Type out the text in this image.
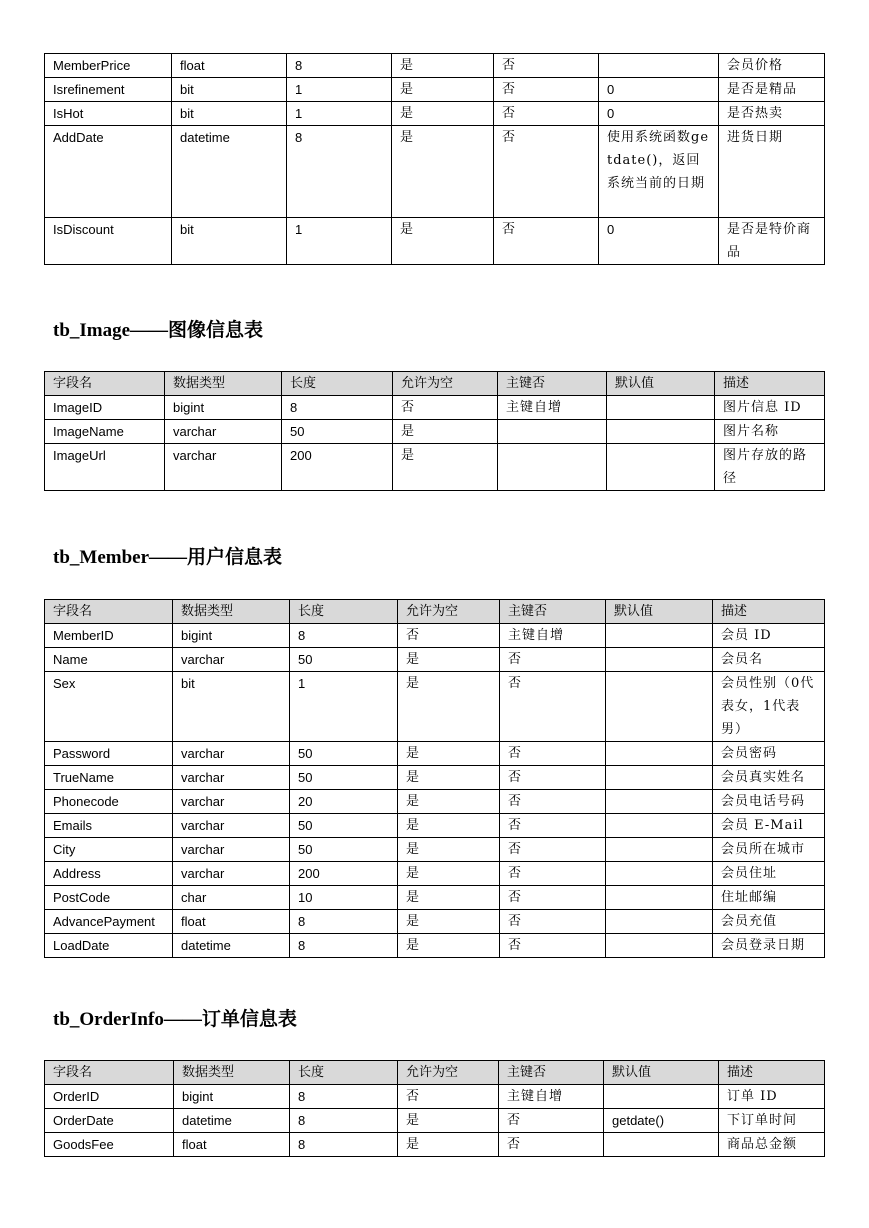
MemberPrice	float	8	是	否		会员价格
Isrefinement	bit	1	是	否	0	是否是精品
IsHot	bit	1	是	否	0	是否热卖
AddDate	datetime	8	是	否	使用系统函数getdate()，返回系统当前的日期	进货日期
IsDiscount	bit	1	是	否	0	是否是特价商品
tb_Image——图像信息表
字段名	数据类型	长度	允许为空	主键否	默认值	描述
ImageID	bigint	8	否	主键自增		图片信息 ID
ImageName	varchar	50	是			图片名称
ImageUrl	varchar	200	是			图片存放的路径
tb_Member——用户信息表
字段名	数据类型	长度	允许为空	主键否	默认值	描述
MemberID	bigint	8	否	主键自增		会员 ID
Name	varchar	50	是	否		会员名
Sex	bit	1	是	否		会员性别（0代表女，1代表男）
Password	varchar	50	是	否		会员密码
TrueName	varchar	50	是	否		会员真实姓名
Phonecode	varchar	20	是	否		会员电话号码
Emails	varchar	50	是	否		会员 E-Mail
City	varchar	50	是	否		会员所在城市
Address	varchar	200	是	否		会员住址
PostCode	char	10	是	否		住址邮编
AdvancePayment	float	8	是	否		会员充值
LoadDate	datetime	8	是	否		会员登录日期
tb_OrderInfo——订单信息表
字段名	数据类型	长度	允许为空	主键否	默认值	描述
OrderID	bigint	8	否	主键自增		订单 ID
OrderDate	datetime	8	是	否	getdate()	下订单时间
GoodsFee	float	8	是	否		商品总金额
